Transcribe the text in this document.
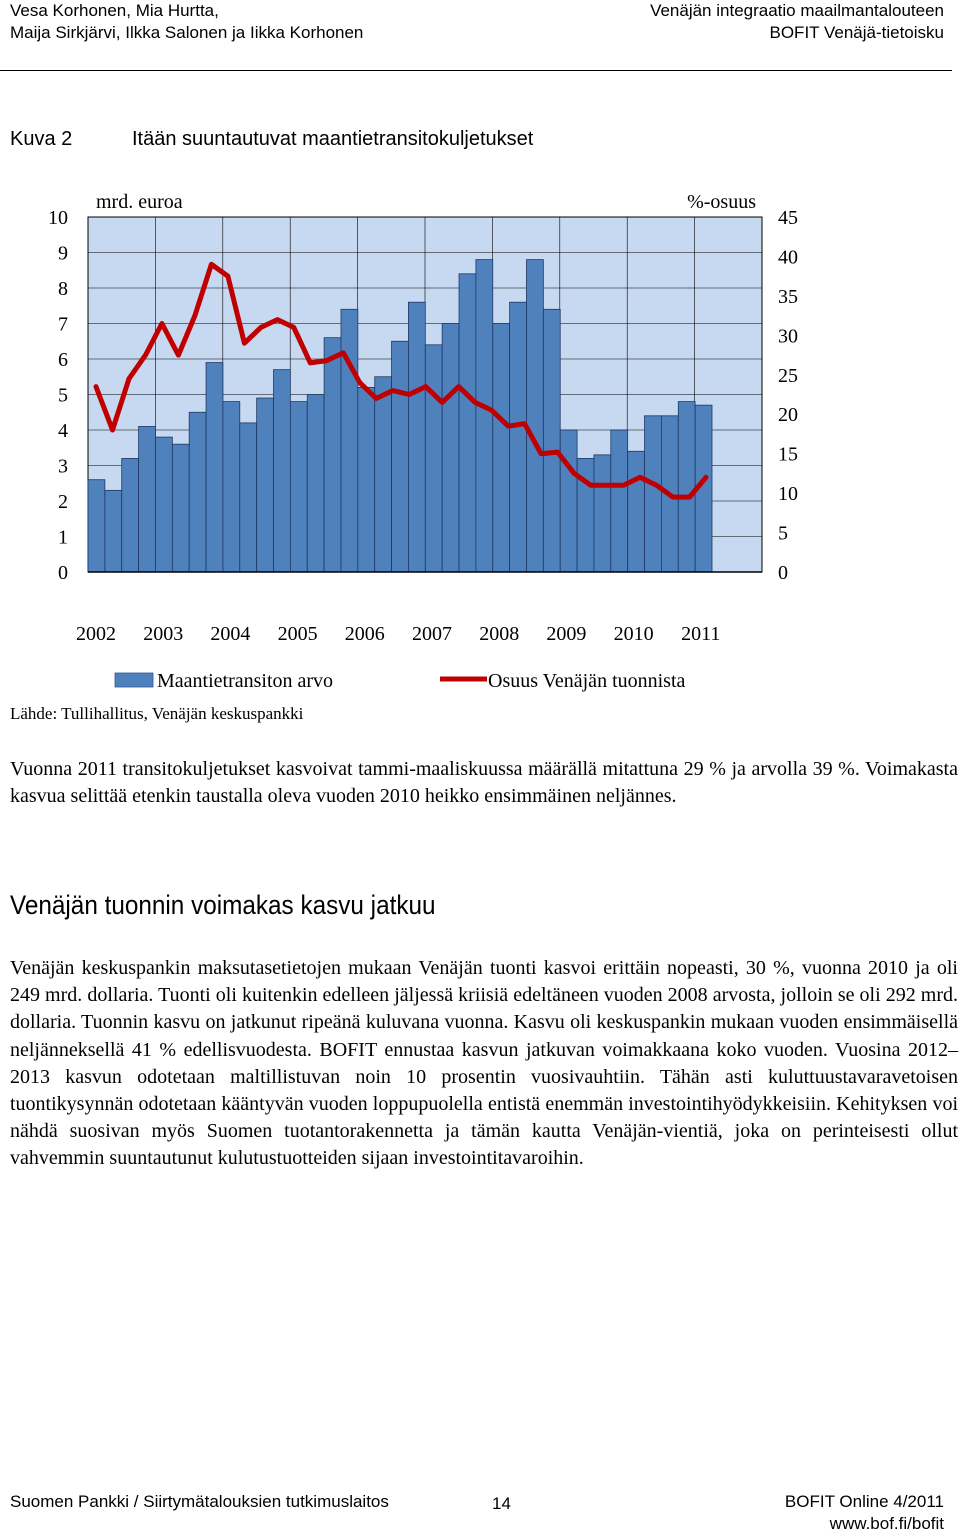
Vesa Korhonen, Mia Hurtta,
Maija Sirkjärvi, Ilkka Salonen ja Iikka Korhonen
Venäjän integraatio maailmantalouteen
BOFIT Venäjä-tietoisku
Kuva 2	Itään suuntautuvat maantietransitokuljetukset
0
1
2
3
4
5
6
7
8
9
10
0
5
10
15
20
25
30
35
40
45
2002 2003 2004 2005 2006 2007 2008 2009 2010 2011
mrd. euroa	%-osuus
Maantietransiton arvo	Osuus Venäjän tuonnista
Lähde: Tullihallitus, Venäjän keskuspankki

Vuonna 2011 transitokuljetukset kasvoivat tammi-maaliskuussa määrällä mitattuna 29 % ja arvolla 39 %. Voimakasta kasvua selittää etenkin taustalla oleva vuoden 2010 heikko ensimmäinen neljännes.

Venäjän tuonnin voimakas kasvu jatkuu

Venäjän keskuspankin maksutasetietojen mukaan Venäjän tuonti kasvoi erittäin nopeasti, 30 %, vuonna 2010 ja oli 249 mrd. dollaria. Tuonti oli kuitenkin edelleen jäljessä kriisiä edeltäneen vuoden 2008 arvosta, jolloin se oli 292 mrd. dollaria. Tuonnin kasvu on jatkunut ripeänä kuluvana vuonna. Kasvu oli keskuspankin mukaan vuoden ensimmäisellä neljänneksellä 41 % edellisvuodesta. BOFIT ennustaa kasvun jatkuvan voimakkaana koko vuoden. Vuosina 2012–2013 kasvun odotetaan maltillistuvan noin 10 prosentin vuosivauhtiin. Tähän asti kuluttuustavaravetoisen tuontikysynnän odotetaan kääntyvän vuoden loppupuolella entistä enemmän investointihyödykkeisiin. Kehityksen voi nähdä suosivan myös Suomen tuotantorakennetta ja tämän kautta Venäjän-vientiä, joka on perinteisesti ollut vahvemmin suuntautunut kulutustuotteiden sijaan investointitavaroihin.

Suomen Pankki / Siirtymätalouksien tutkimuslaitos	14	BOFIT Online 4/2011
www.bof.fi/bofit
